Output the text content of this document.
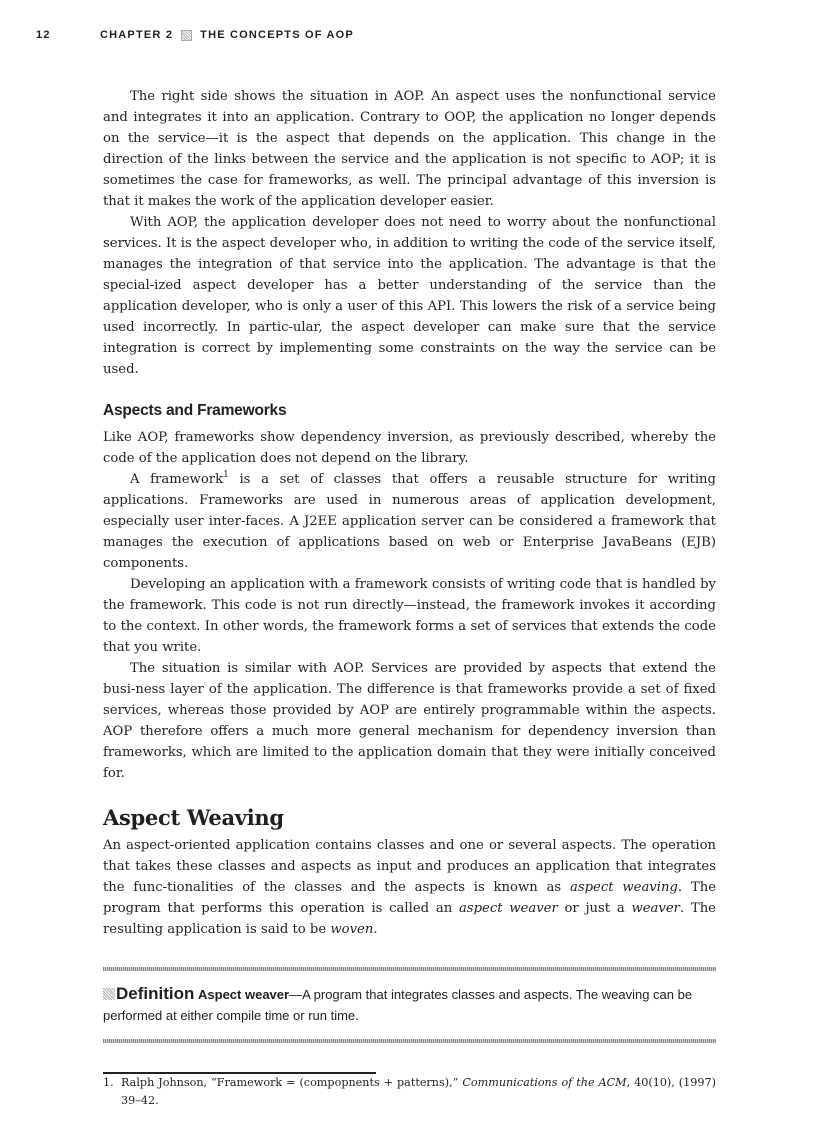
12	CHAPTER 2 THE CONCEPTS OF AOP

The right side shows the situation in AOP. An aspect uses the nonfunctional service and integrates it into an application. Contrary to OOP, the application no longer depends on the service—it is the aspect that depends on the application. This change in the direction of the links between the service and the application is not specific to AOP; it is sometimes the case for frameworks, as well. The principal advantage of this inversion is that it makes the work of the application developer easier.

With AOP, the application developer does not need to worry about the nonfunctional services. It is the aspect developer who, in addition to writing the code of the service itself, manages the integration of that service into the application. The advantage is that the special-ized aspect developer has a better understanding of the service than the application developer, who is only a user of this API. This lowers the risk of a service being used incorrectly. In partic-ular, the aspect developer can make sure that the service integration is correct by implementing some constraints on the way the service can be used.

Aspects and Frameworks

Like AOP, frameworks show dependency inversion, as previously described, whereby the code of the application does not depend on the library.

A framework$^1$ is a set of classes that offers a reusable structure for writing applications. Frameworks are used in numerous areas of application development, especially user inter-faces. A J2EE application server can be considered a framework that manages the execution of applications based on web or Enterprise JavaBeans (EJB) components.

Developing an application with a framework consists of writing code that is handled by the framework. This code is not run directly—instead, the framework invokes it according to the context. In other words, the framework forms a set of services that extends the code that you write.

The situation is similar with AOP. Services are provided by aspects that extend the busi-ness layer of the application. The difference is that frameworks provide a set of fixed services, whereas those provided by AOP are entirely programmable within the aspects. AOP therefore offers a much more general mechanism for dependency inversion than frameworks, which are limited to the application domain that they were initially conceived for.

Aspect Weaving

An aspect-oriented application contains classes and one or several aspects. The operation that takes these classes and aspects as input and produces an application that integrates the func-tionalities of the classes and the aspects is known as aspect weaving. The program that performs this operation is called an aspect weaver or just a weaver. The resulting application is said to be woven.

Definition Aspect weaver—A program that integrates classes and aspects. The weaving can be performed at either compile time or run time.

1. Ralph Johnson, “Framework = (compopnents + patterns),” Communications of the ACM, 40(10), (1997) 39–42.
